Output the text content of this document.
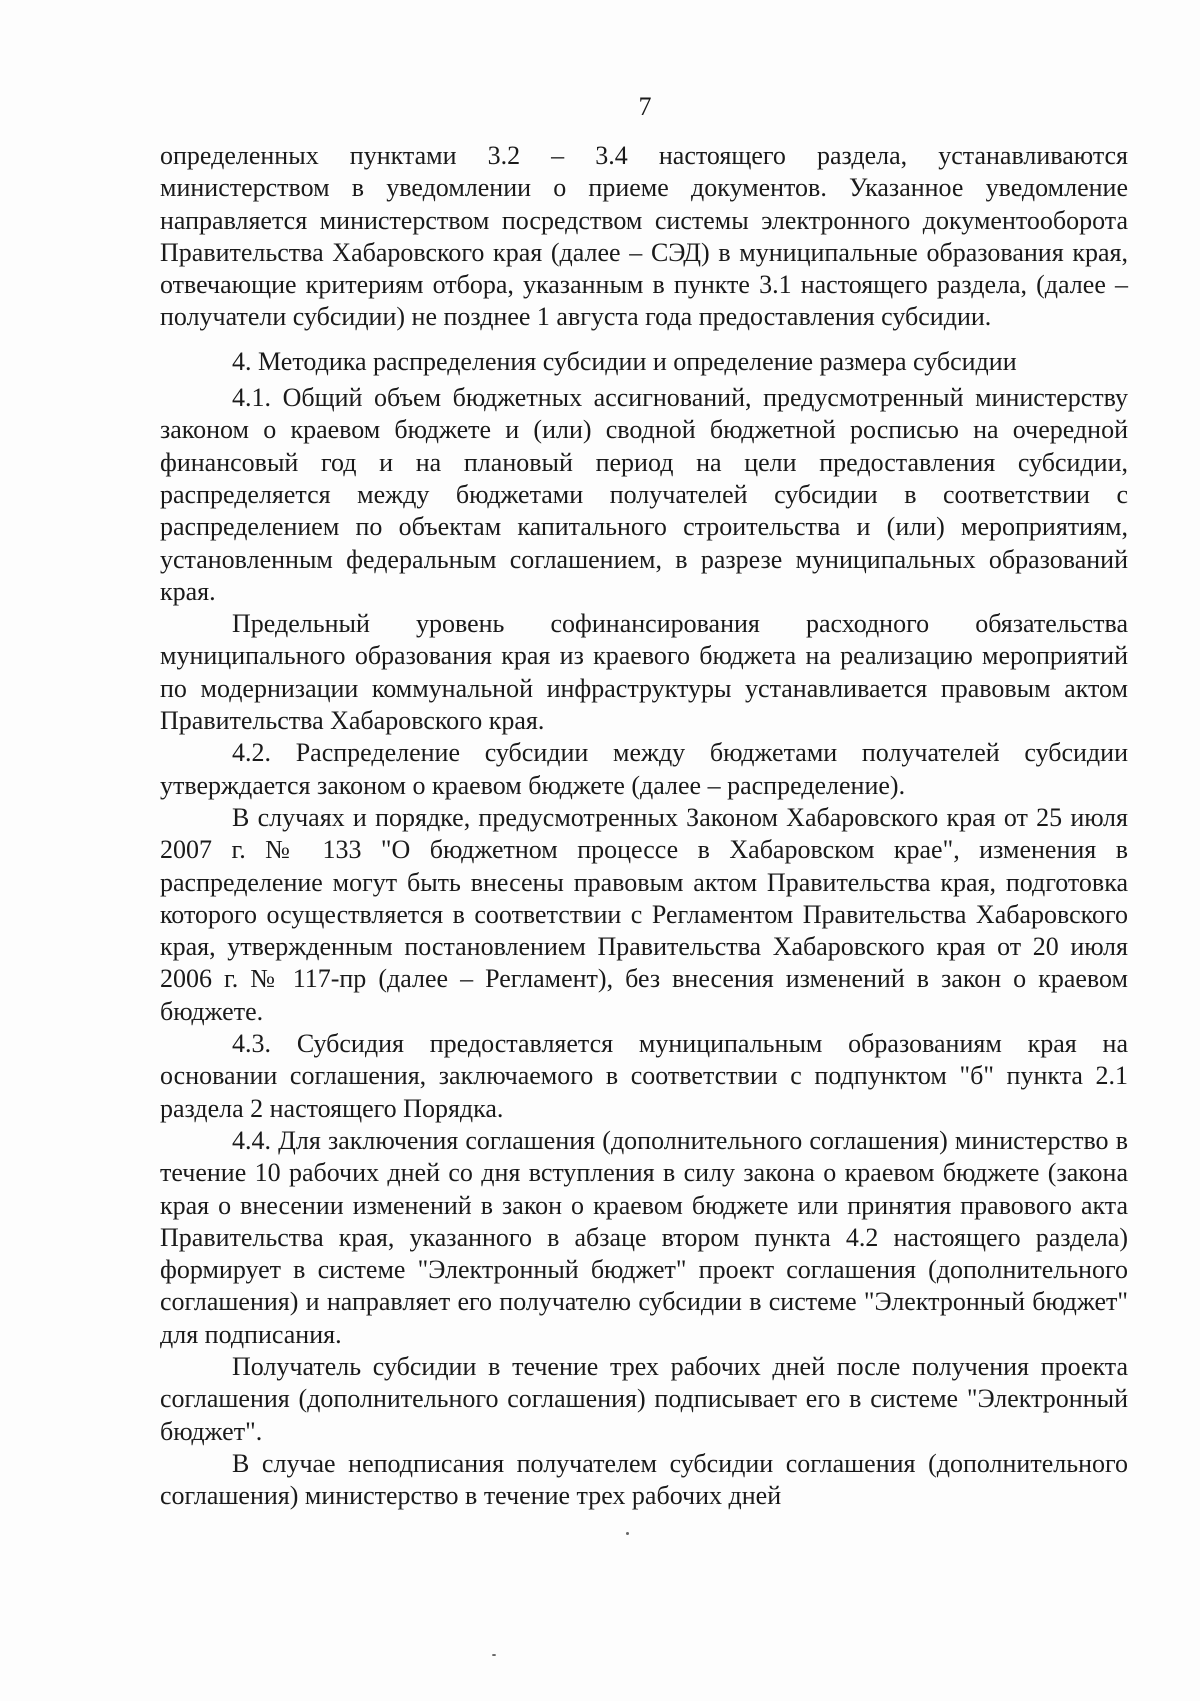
7

определенных пунктами 3.2 – 3.4 настоящего раздела, устанавливаются министерством в уведомлении о приеме документов. Указанное уведомление направляется министерством посредством системы электронного документооборота Правительства Хабаровского края (далее – СЭД) в муниципальные образования края, отвечающие критериям отбора, указанным в пункте 3.1 настоящего раздела, (далее – получатели субсидии) не позднее 1 августа года предоставления субсидии.

4. Методика распределения субсидии и определение размера субсидии

4.1. Общий объем бюджетных ассигнований, предусмотренный министерству законом о краевом бюджете и (или) сводной бюджетной росписью на очередной финансовый год и на плановый период на цели предоставления субсидии, распределяется между бюджетами получателей субсидии в соответствии с распределением по объектам капитального строительства и (или) мероприятиям, установленным федеральным соглашением, в разрезе муниципальных образований края.

Предельный уровень софинансирования расходного обязательства муниципального образования края из краевого бюджета на реализацию мероприятий по модернизации коммунальной инфраструктуры устанавливается правовым актом Правительства Хабаровского края.

4.2. Распределение субсидии между бюджетами получателей субсидии утверждается законом о краевом бюджете (далее – распределение).

В случаях и порядке, предусмотренных Законом Хабаровского края от 25 июля 2007 г. № 133 "О бюджетном процессе в Хабаровском крае", изменения в распределение могут быть внесены правовым актом Правительства края, подготовка которого осуществляется в соответствии с Регламентом Правительства Хабаровского края, утвержденным постановлением Правительства Хабаровского края от 20 июля 2006 г. № 117-пр (далее – Регламент), без внесения изменений в закон о краевом бюджете.

4.3. Субсидия предоставляется муниципальным образованиям края на основании соглашения, заключаемого в соответствии с подпунктом "б" пункта 2.1 раздела 2 настоящего Порядка.

4.4. Для заключения соглашения (дополнительного соглашения) министерство в течение 10 рабочих дней со дня вступления в силу закона о краевом бюджете (закона края о внесении изменений в закон о краевом бюджете или принятия правового акта Правительства края, указанного в абзаце втором пункта 4.2 настоящего раздела) формирует в системе "Электронный бюджет" проект соглашения (дополнительного соглашения) и направляет его получателю субсидии в системе "Электронный бюджет" для подписания.

Получатель субсидии в течение трех рабочих дней после получения проекта соглашения (дополнительного соглашения) подписывает его в системе "Электронный бюджет".

В случае неподписания получателем субсидии соглашения (дополнительного соглашения) министерство в течение трех рабочих дней
